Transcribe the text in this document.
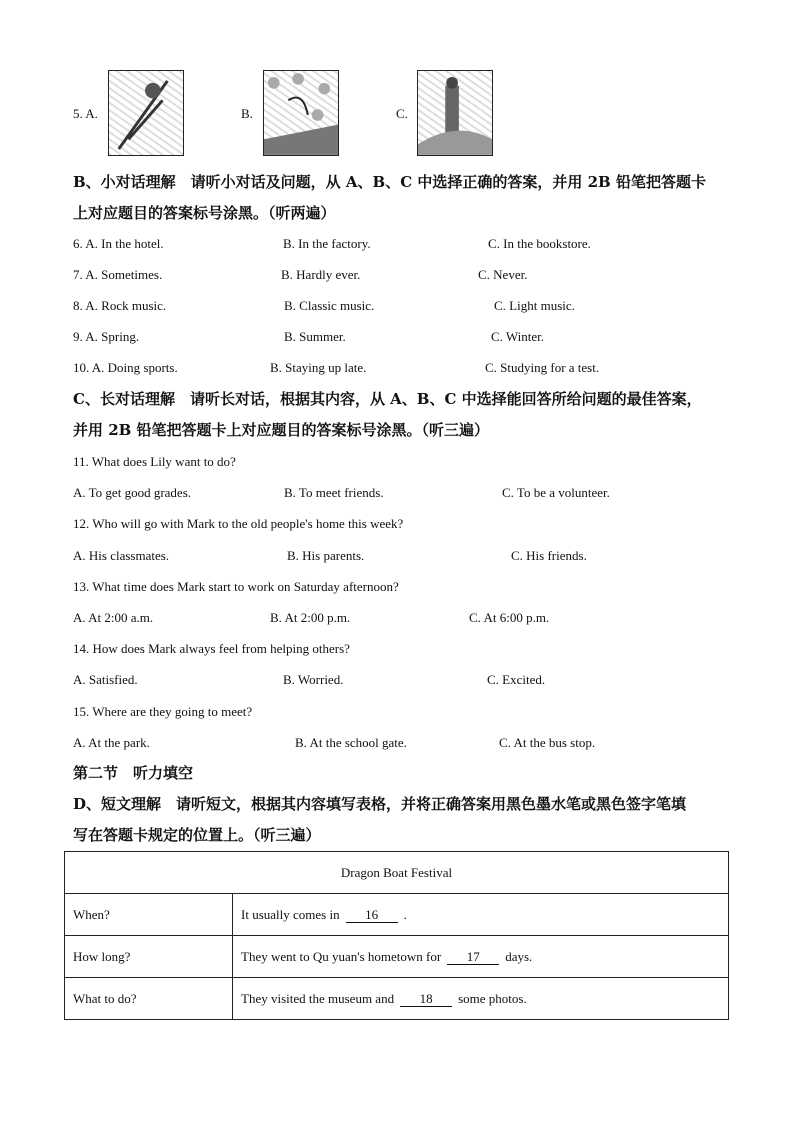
5. A.	B.	C.
B、小对话理解　请听小对话及问题，从 A、B、C 中选择正确的答案，并用 2B 铅笔把答题卡
上对应题目的答案标号涂黑。（听两遍）
6. A. In the hotel.	B. In the factory.	C. In the bookstore.
7. A. Sometimes.	B. Hardly ever.	C. Never.
8. A. Rock music.	B. Classic music.	C. Light music.
9. A. Spring.	B. Summer.	C. Winter.
10. A. Doing sports.	B. Staying up late.	C. Studying for a test.
C、长对话理解　请听长对话，根据其内容，从 A、B、C 中选择能回答所给问题的最佳答案，
并用 2B 铅笔把答题卡上对应题目的答案标号涂黑。（听三遍）
11. What does Lily want to do?
A. To get good grades.	B. To meet friends.	C. To be a volunteer.
12. Who will go with Mark to the old people's home this week?
A. His classmates.	B. His parents.	C. His friends.
13. What time does Mark start to work on Saturday afternoon?
A. At 2:00 a.m.	B. At 2:00 p.m.	C. At 6:00 p.m.
14. How does Mark always feel from helping others?
A. Satisfied.	B. Worried.	C. Excited.
15. Where are they going to meet?
A. At the park.	B. At the school gate.	C. At the bus stop.
第二节　听力填空
D、短文理解　请听短文，根据其内容填写表格，并将正确答案用黑色墨水笔或黑色签字笔填
写在答题卡规定的位置上。（听三遍）
Dragon Boat Festival	
When?	It usually comes in 16 .
How long?	They went to Qu yuan's hometown for 17 days.
What to do?	They visited the museum and 18 some photos.
